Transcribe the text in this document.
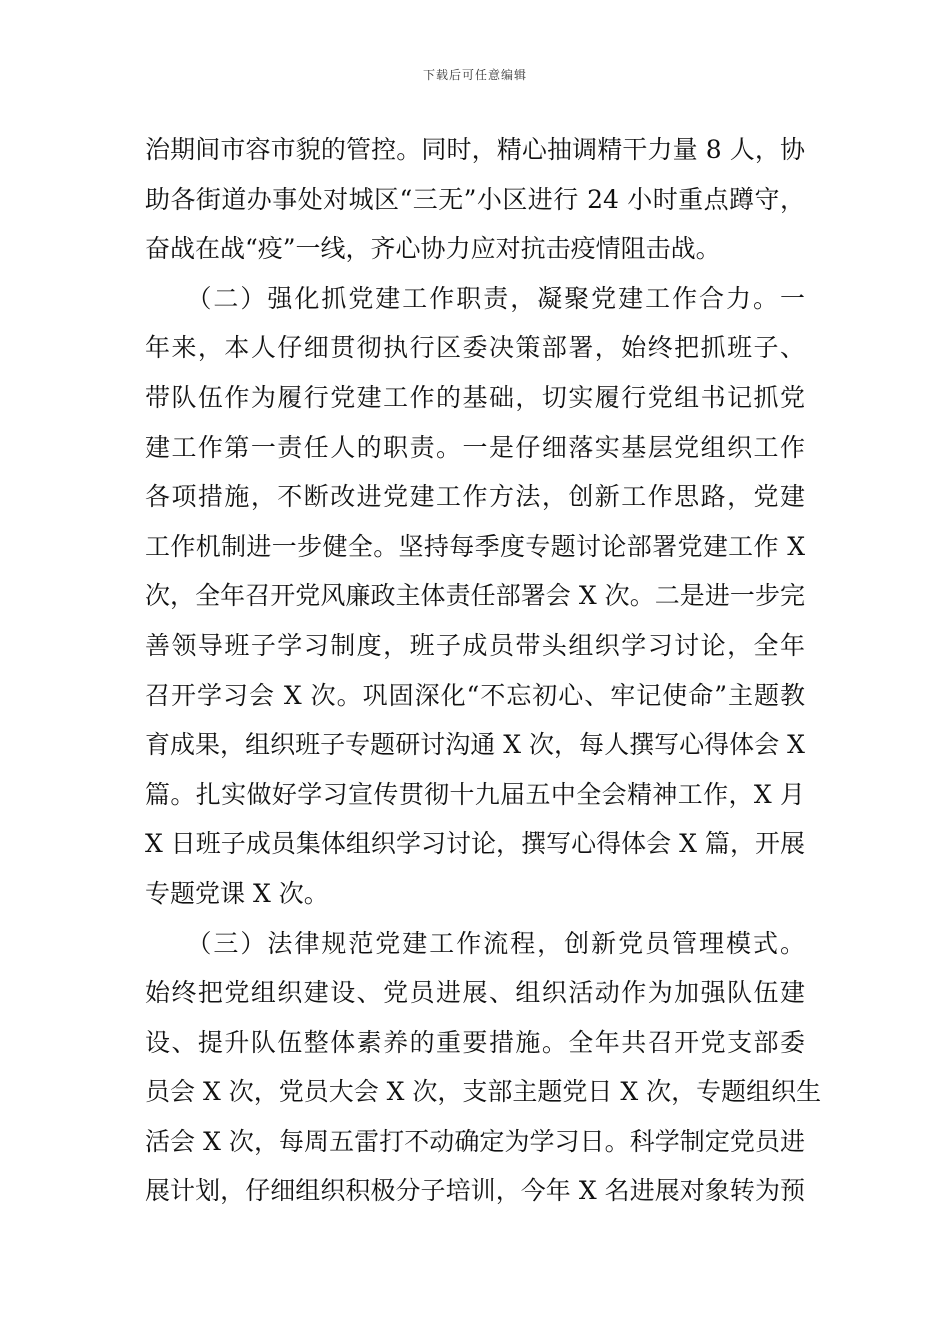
下载后可任意编辑
治期间市容市貌的管控。同时，精心抽调精干力量 8 人，协
助各街道办事处对城区“三无”小区进行 24 小时重点蹲守，
奋战在战“疫”一线，齐心协力应对抗击疫情阻击战。
　　（二）强化抓党建工作职责，凝聚党建工作合力。一
年来，本人仔细贯彻执行区委决策部署，始终把抓班子、
带队伍作为履行党建工作的基础，切实履行党组书记抓党
建工作第一责任人的职责。一是仔细落实基层党组织工作
各项措施，不断改进党建工作方法，创新工作思路，党建
工作机制进一步健全。坚持每季度专题讨论部署党建工作 X
次，全年召开党风廉政主体责任部署会 X 次。二是进一步完
善领导班子学习制度，班子成员带头组织学习讨论，全年
召开学习会 X 次。巩固深化“不忘初心、牢记使命”主题教
育成果，组织班子专题研讨沟通 X 次，每人撰写心得体会 X
篇。扎实做好学习宣传贯彻十九届五中全会精神工作，X 月
X 日班子成员集体组织学习讨论，撰写心得体会 X 篇，开展
专题党课 X 次。
　　（三）法律规范党建工作流程，创新党员管理模式。
始终把党组织建设、党员进展、组织活动作为加强队伍建
设、提升队伍整体素养的重要措施。全年共召开党支部委
员会 X 次，党员大会 X 次，支部主题党日 X 次，专题组织生
活会 X 次，每周五雷打不动确定为学习日。科学制定党员进
展计划，仔细组织积极分子培训，今年 X 名进展对象转为预
